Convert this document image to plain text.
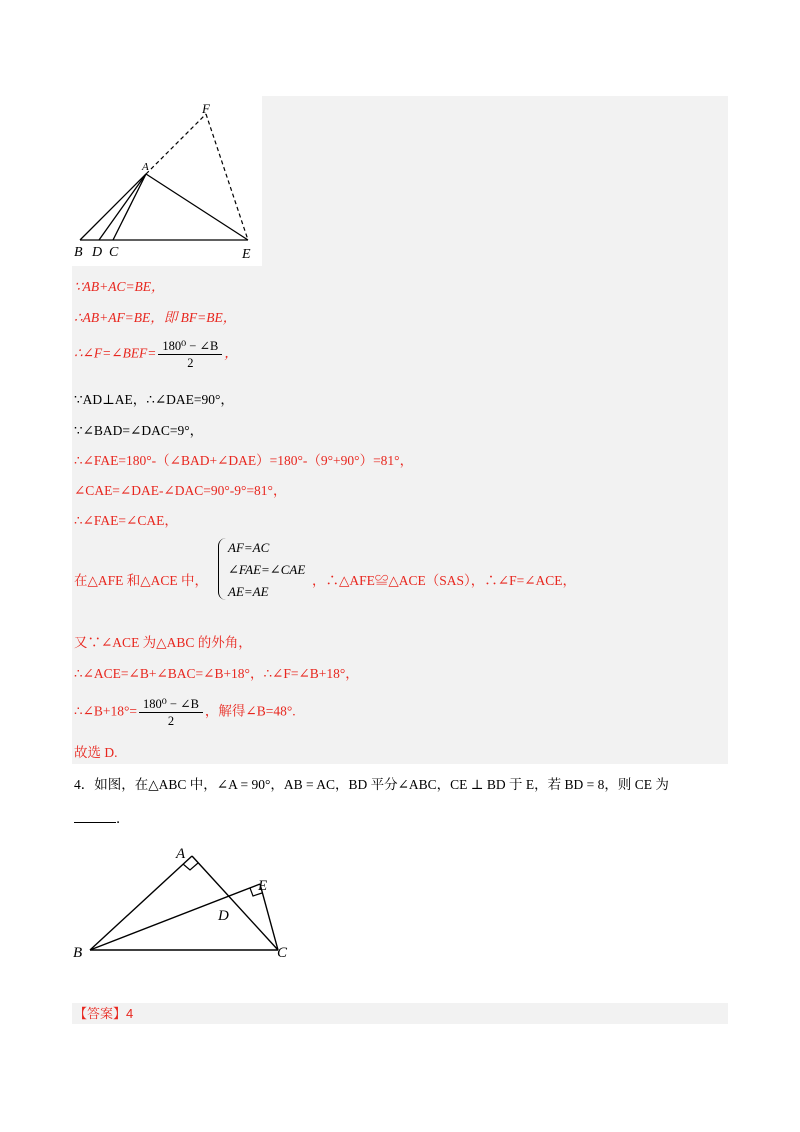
F
A
B D C	E
∵AB+AC=BE，
∴AB+AF=BE，即 BF=BE，
∴∠F=∠BEF= $\frac{\text{180⁰ − ∠B}}{2}$ ，
∵AD⊥AE，∴∠DAE=90°，
∵∠BAD=∠DAC=9°，
∴∠FAE=180°-（∠BAD+∠DAE）=180°-（9°+90°）=81°，
∠CAE=∠DAE-∠DAC=90°-9°=81°，
∴∠FAE=∠CAE，
在△AFE 和△ACE 中，
AF=AC
∠FAE=∠CAE
AE=AE
，∴△AFE≌△ACE（SAS），∴∠F=∠ACE，
又∵∠ACE 为△ABC 的外角，
∴∠ACE=∠B+∠BAC=∠B+18°，∴∠F=∠B+18°，
∴∠B+18°= $\frac{\text{180⁰ − ∠B}}{2}$ ，解得∠B=48°.
故选 D.
4．如图，在△ABC 中，∠A = 90°，AB = AC，BD 平分∠ABC，CE ⊥ BD 于 E，若 BD = 8，则 CE 为
．
A
E
D
B	C
【答案】4
